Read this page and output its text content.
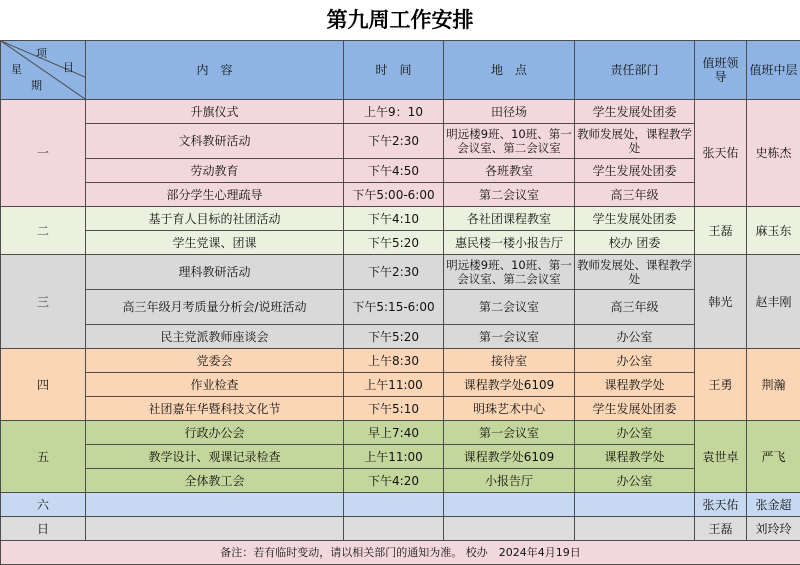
第九周工作安排
项
目
星
期	内　容	时　间	地　点	责任部门	值班领导	值班中层
一	升旗仪式	上午9：10	田径场	学生发展处团委	张天佑	史栋杰
	文科教研活动	下午2:30	明远楼9班、10班、第一会议室、第二会议室	教师发展处，课程教学处		
	劳动教育	下午4:50	各班教室	学生发展处团委		
	部分学生心理疏导	下午5:00-6:00	第二会议室	高三年级		
二	基于育人目标的社团活动	下午4:10	各社团课程教室	学生发展处团委	王磊	麻玉东
	学生党课、团课	下午5:20	惠民楼一楼小报告厅	校办 团委		
三	理科教研活动	下午2:30	明远楼9班、10班、第一会议室、第二会议室	教师发展处、课程教学处	韩光	赵丰刚
	高三年级月考质量分析会/说班活动	下午5:15-6:00	第二会议室	高三年级		
	民主党派教师座谈会	下午5:20	第一会议室	办公室		
四	党委会	上午8:30	接待室	办公室	王勇	荆瀚
	作业检查	上午11:00	课程教学处6109	课程教学处		
	社团嘉年华暨科技文化节	下午5:10	明珠艺术中心	学生发展处团委		
五	行政办公会	早上7:40	第一会议室	办公室	袁世卓	严飞
	教学设计、观课记录检查	上午11:00	课程教学处6109	课程教学处		
	全体教工会	下午4:20	小报告厅	办公室		
六					张天佑	张金超
日					王磊	刘玲玲
备注：若有临时变动，请以相关部门的通知为准。 校办　2024年4月19日						
